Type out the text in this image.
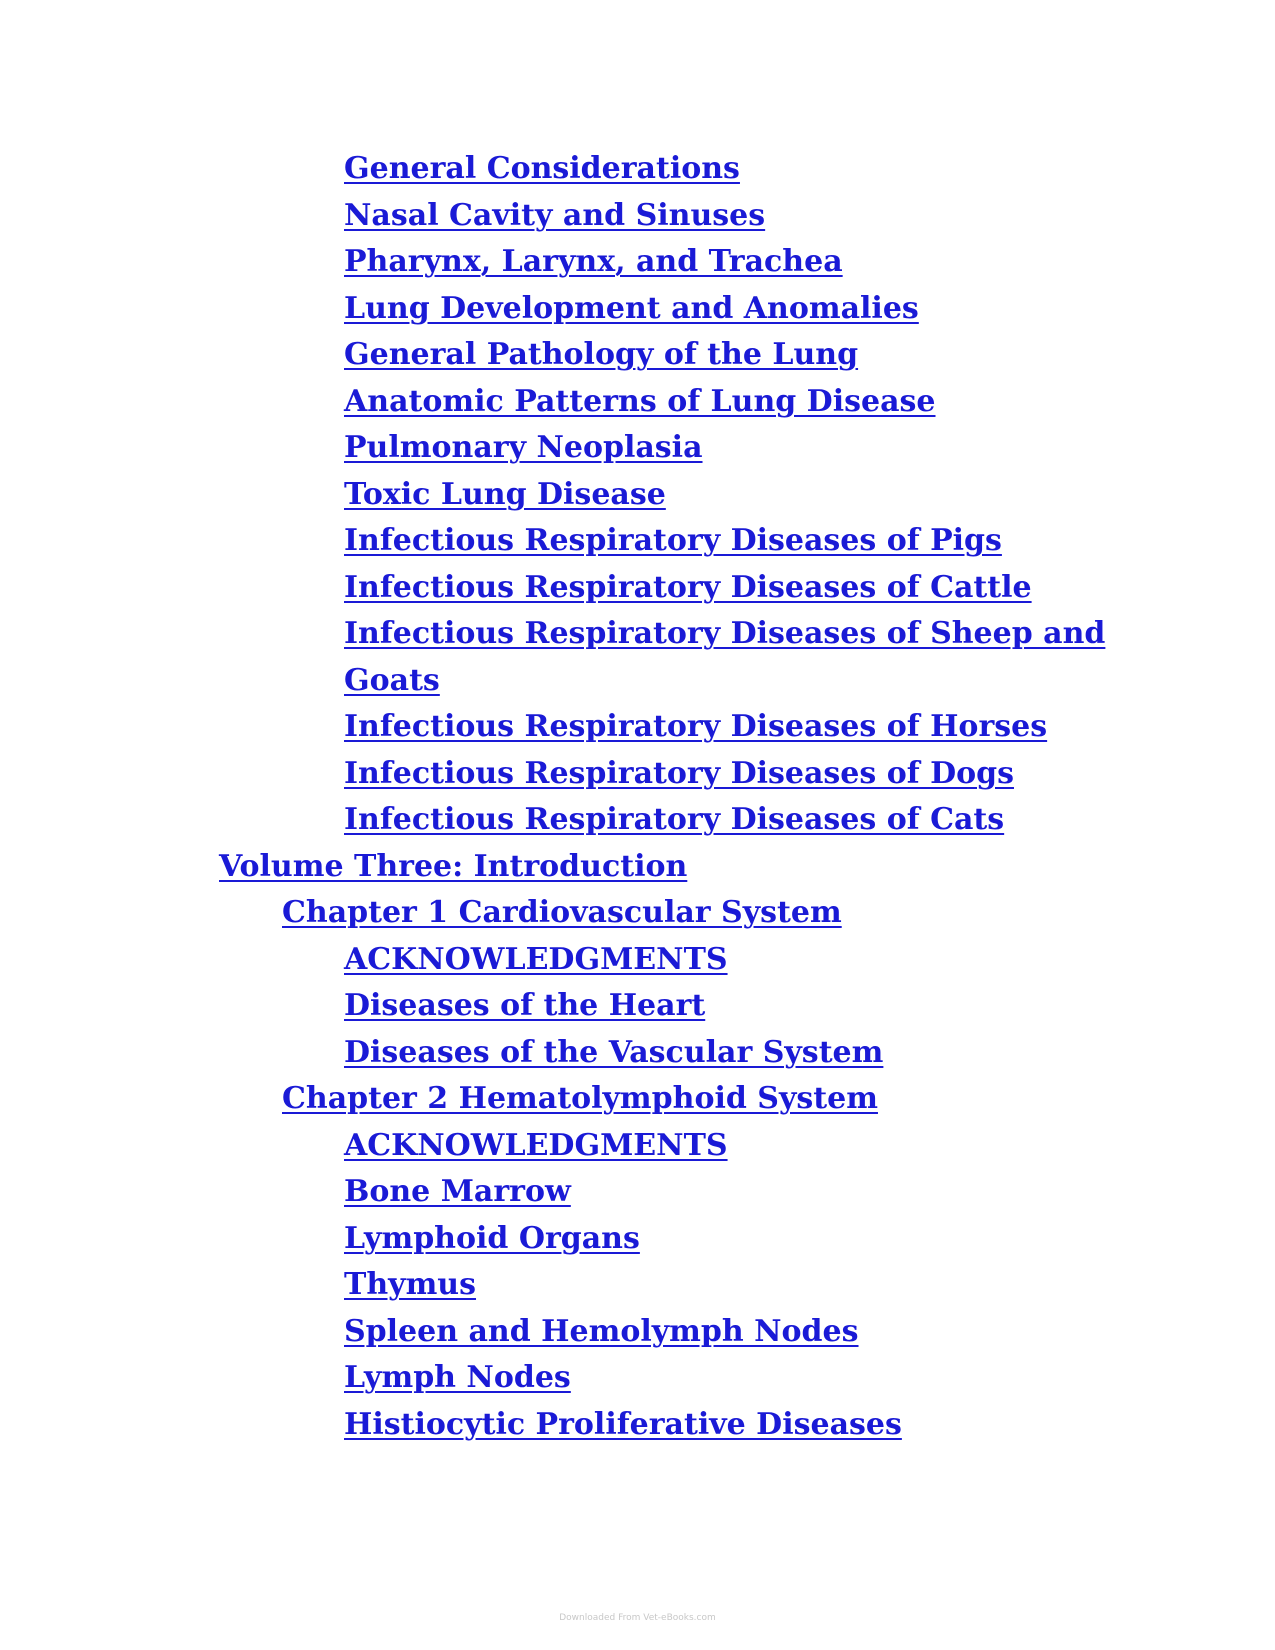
General Considerations
Nasal Cavity and Sinuses
Pharynx, Larynx, and Trachea
Lung Development and Anomalies
General Pathology of the Lung
Anatomic Patterns of Lung Disease
Pulmonary Neoplasia
Toxic Lung Disease
Infectious Respiratory Diseases of Pigs
Infectious Respiratory Diseases of Cattle
Infectious Respiratory Diseases of Sheep and
Goats
Infectious Respiratory Diseases of Horses
Infectious Respiratory Diseases of Dogs
Infectious Respiratory Diseases of Cats
Volume Three: Introduction
Chapter 1 Cardiovascular System
ACKNOWLEDGMENTS
Diseases of the Heart
Diseases of the Vascular System
Chapter 2 Hematolymphoid System
ACKNOWLEDGMENTS
Bone Marrow
Lymphoid Organs
Thymus
Spleen and Hemolymph Nodes
Lymph Nodes
Histiocytic Proliferative Diseases
Downloaded From Vet-eBooks.com
